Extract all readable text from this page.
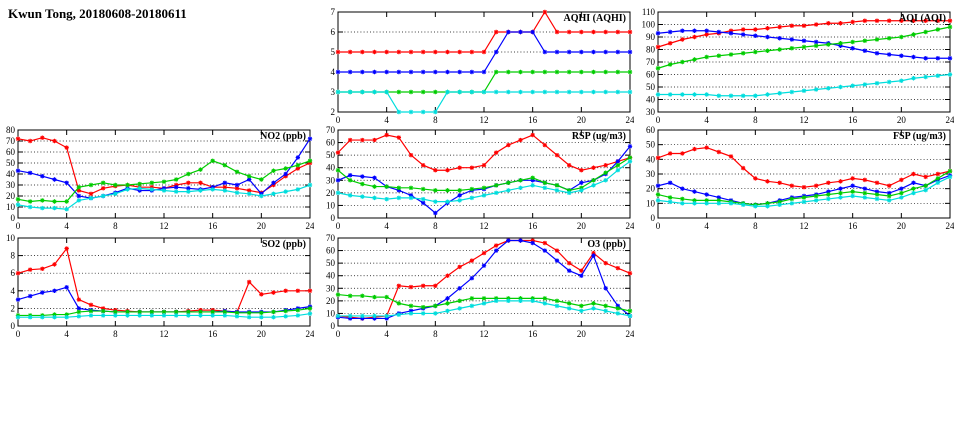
Kwun Tong, 20180608-20180611
2
3
4
5
6
7
0	4	8	12	16	20	24
AQHI (AQHI)
30
40
50
60
70
80
90
100
110
0	4	8	12	16	20	24
AQI (AQI)
0
10
20
30
40
50
60
70
80
0	4	8	12	16	20	24
NO2 (ppb)
0
10
20
30
40
50
60
70
0	4	8	12	16	20	24
RSP (ug/m3)
0
10
20
30
40
50
60
0	4	8	12	16	20	24
FSP (ug/m3)
0
2
4
6
8
10
0	4	8	12	16	20	24
SO2 (ppb)
0
10
20
30
40
50
60
70
0	4	8	12	16	20	24
O3 (ppb)
